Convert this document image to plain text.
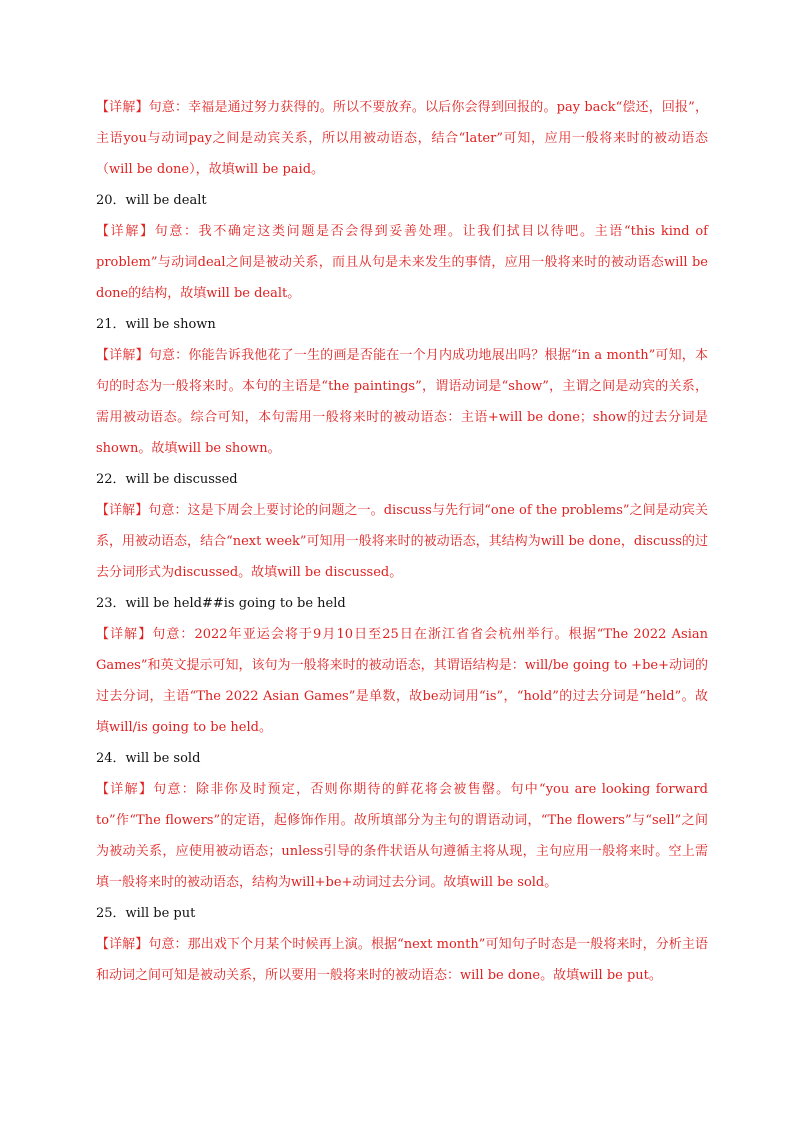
【详解】句意：幸福是通过努力获得的。所以不要放弃。以后你会得到回报的。pay back“偿还，回报”，主语you与动词pay之间是动宾关系，所以用被动语态，结合“later”可知，应用一般将来时的被动语态（will be done），故填will be paid。

20．will be dealt

【详解】句意：我不确定这类问题是否会得到妥善处理。让我们拭目以待吧。主语“this kind of problem”与动词deal之间是被动关系，而且从句是未来发生的事情，应用一般将来时的被动语态will be done的结构，故填will be dealt。

21．will be shown

【详解】句意：你能告诉我他花了一生的画是否能在一个月内成功地展出吗？根据“in a month”可知，本句的时态为一般将来时。本句的主语是“the paintings”，谓语动词是“show”，主谓之间是动宾的关系，需用被动语态。综合可知，本句需用一般将来时的被动语态：主语+will be done；show的过去分词是shown。故填will be shown。

22．will be discussed

【详解】句意：这是下周会上要讨论的问题之一。discuss与先行词“one of the problems”之间是动宾关系，用被动语态，结合“next week”可知用一般将来时的被动语态，其结构为will be done，discuss的过去分词形式为discussed。故填will be discussed。

23．will be held##is going to be held

【详解】句意：2022年亚运会将于9月10日至25日在浙江省省会杭州举行。根据“The 2022 Asian Games”和英文提示可知，该句为一般将来时的被动语态，其谓语结构是：will/be going to +be+动词的过去分词，主语“The 2022 Asian Games”是单数，故be动词用“is”，“hold”的过去分词是“held”。故填will/is going to be held。

24．will be sold

【详解】句意：除非你及时预定，否则你期待的鲜花将会被售罄。句中“you are looking forward to”作“The flowers”的定语，起修饰作用。故所填部分为主句的谓语动词，“The flowers”与“sell”之间为被动关系，应使用被动语态；unless引导的条件状语从句遵循主将从现，主句应用一般将来时。空上需填一般将来时的被动语态，结构为will+be+动词过去分词。故填will be sold。

25．will be put

【详解】句意：那出戏下个月某个时候再上演。根据“next month”可知句子时态是一般将来时，分析主语和动词之间可知是被动关系，所以要用一般将来时的被动语态：will be done。故填will be put。
